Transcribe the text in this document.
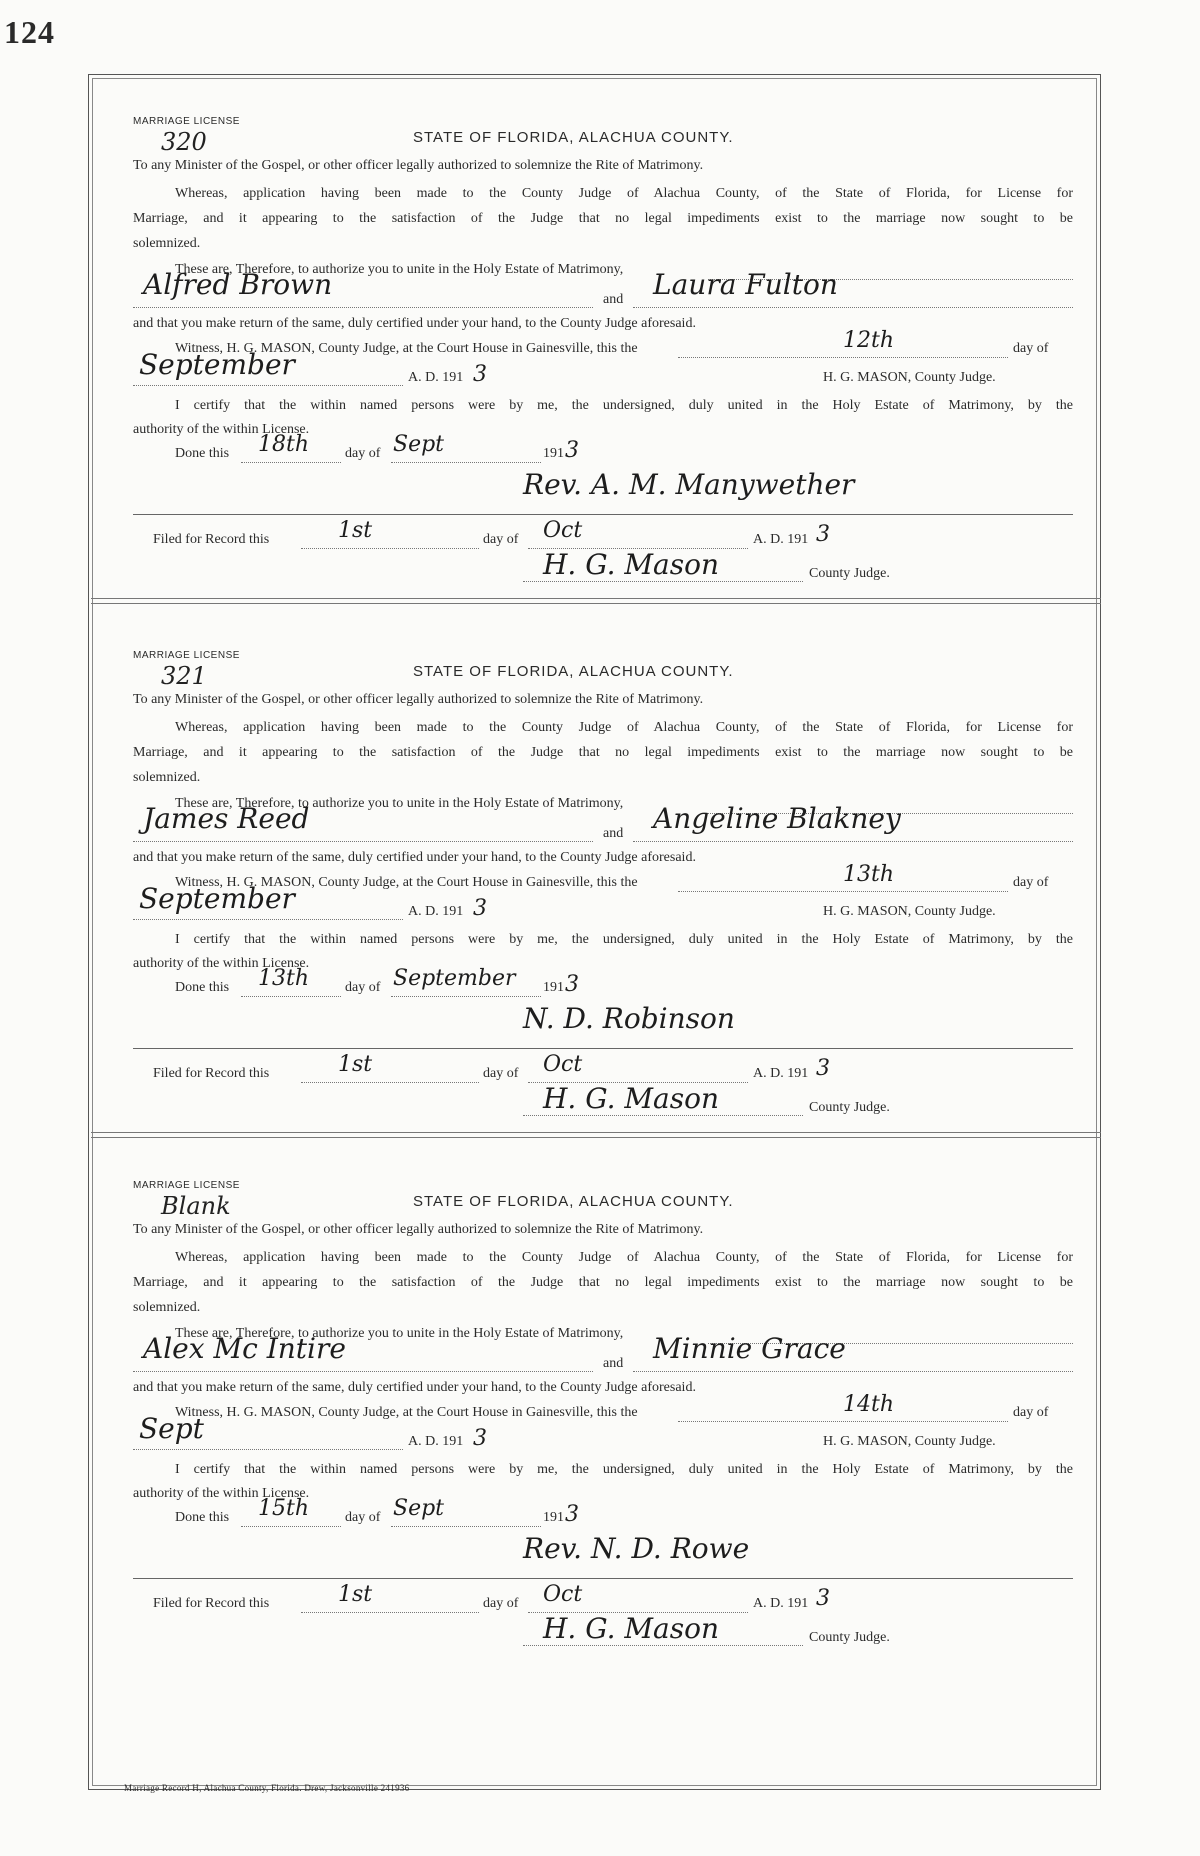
124
MARRIAGE LICENSE
320	STATE OF FLORIDA, ALACHUA COUNTY.
To any Minister of the Gospel, or other officer legally authorized to solemnize the Rite of Matrimony.
Whereas, application having been made to the County Judge of Alachua County, of the State of Florida, for License for
Marriage, and it appearing to the satisfaction of the Judge that no legal impediments exist to the marriage now sought to be
solemnized.
These are, Therefore, to authorize you to unite in the Holy Estate of Matrimony,
Alfred Brown	and Laura Fulton
and that you make return of the same, duly certified under your hand, to the County Judge aforesaid.
Witness, H. G. MASON, County Judge, at the Court House in Gainesville, this the	12th	day of
September	A. D. 191 3	H. G. MASON, County Judge.
I certify that the within named persons were by me, the undersigned, duly united in the Holy Estate of Matrimony, by the
authority of the within License.
Done this 18th	day of Sept	191 3
Rev. A. M. Manywether
Filed for Record this	1st	day of Oct	A. D. 191 3
H. G. Mason	County Judge.
MARRIAGE LICENSE
321	STATE OF FLORIDA, ALACHUA COUNTY.
To any Minister of the Gospel, or other officer legally authorized to solemnize the Rite of Matrimony.
Whereas, application having been made to the County Judge of Alachua County, of the State of Florida, for License for
Marriage, and it appearing to the satisfaction of the Judge that no legal impediments exist to the marriage now sought to be
solemnized.
These are, Therefore, to authorize you to unite in the Holy Estate of Matrimony,
James Reed	and Angeline Blakney
and that you make return of the same, duly certified under your hand, to the County Judge aforesaid.
Witness, H. G. MASON, County Judge, at the Court House in Gainesville, this the	13th	day of
September	A. D. 191 3	H. G. MASON, County Judge.
I certify that the within named persons were by me, the undersigned, duly united in the Holy Estate of Matrimony, by the
authority of the within License.
Done this 13th	day of September 191 3
N. D. Robinson
Filed for Record this	1st	day of Oct	A. D. 191 3
H. G. Mason	County Judge.
MARRIAGE LICENSE
Blank	STATE OF FLORIDA, ALACHUA COUNTY.
To any Minister of the Gospel, or other officer legally authorized to solemnize the Rite of Matrimony.
Whereas, application having been made to the County Judge of Alachua County, of the State of Florida, for License for
Marriage, and it appearing to the satisfaction of the Judge that no legal impediments exist to the marriage now sought to be
solemnized.
These are, Therefore, to authorize you to unite in the Holy Estate of Matrimony,
Alex Mc Intire	and Minnie Grace
and that you make return of the same, duly certified under your hand, to the County Judge aforesaid.
Witness, H. G. MASON, County Judge, at the Court House in Gainesville, this the	14th	day of
Sept	A. D. 191 3	H. G. MASON, County Judge.
I certify that the within named persons were by me, the undersigned, duly united in the Holy Estate of Matrimony, by the
authority of the within License.
Done this 15th	day of Sept	191 3
Rev. N. D. Rowe
Filed for Record this	1st	day of Oct	A. D. 191 3
H. G. Mason	County Judge.
Marriage Record H, Alachua County, Florida. Drew, Jacksonville 241936
